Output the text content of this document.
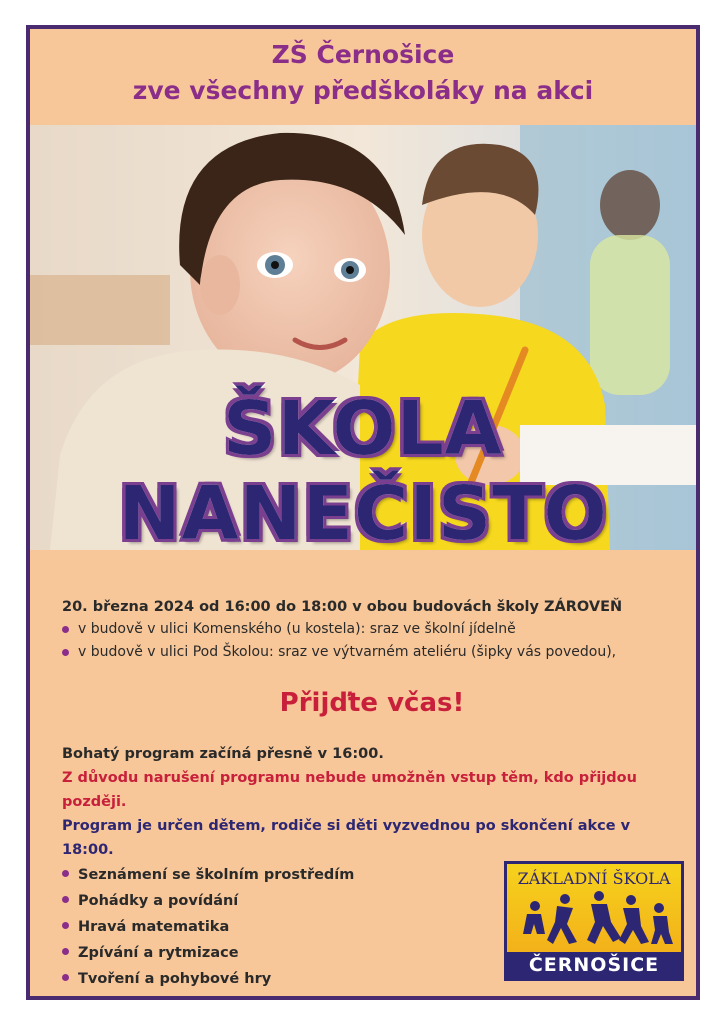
ZŠ Černošice
zve všechny předškoláky na akci
ŠKOLA
NANEČISTO
20. března 2024 od 16:00 do 18:00 v obou budovách školy ZÁROVEŇ
v budově v ulici Komenského (u kostela): sraz ve školní jídelně
v budově v ulici Pod Školou: sraz ve výtvarném ateliéru (šipky vás povedou),
Přijďte včas!
Bohatý program začíná přesně v 16:00.
Z důvodu narušení programu nebude umožněn vstup těm, kdo přijdou později.
Program je určen dětem, rodiče si děti vyzvednou po skončení akce v 18:00.
Seznámení se školním prostředím
Pohádky a povídání
Hravá matematika
Zpívání a rytmizace
Tvoření a pohybové hry
ZÁKLADNÍ ŠKOLA
ČERNOŠICE
